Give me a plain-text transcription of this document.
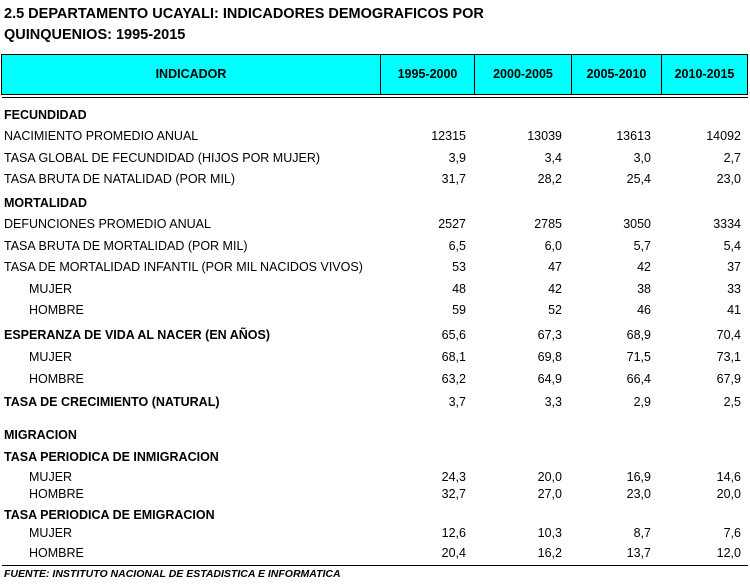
2.5 DEPARTAMENTO UCAYALI: INDICADORES DEMOGRAFICOS POR
QUINQUENIOS: 1995-2015
INDICADOR	1995-2000	2000-2005	2005-2010	2010-2015
FECUNDIDAD
NACIMIENTO PROMEDIO ANUAL	12315	13039	13613	14092
TASA GLOBAL DE FECUNDIDAD (HIJOS POR MUJER)	3,9	3,4	3,0	2,7
TASA BRUTA DE NATALIDAD (POR MIL)	31,7	28,2	25,4	23,0
MORTALIDAD
DEFUNCIONES PROMEDIO ANUAL	2527	2785	3050	3334
TASA BRUTA DE MORTALIDAD (POR MIL)	6,5	6,0	5,7	5,4
TASA DE MORTALIDAD INFANTIL (POR MIL NACIDOS VIVOS)	53	47	42	37
MUJER	48	42	38	33
HOMBRE	59	52	46	41
ESPERANZA DE VIDA AL NACER (EN AÑOS)	65,6	67,3	68,9	70,4
MUJER	68,1	69,8	71,5	73,1
HOMBRE	63,2	64,9	66,4	67,9
TASA DE CRECIMIENTO (NATURAL)	3,7	3,3	2,9	2,5
MIGRACION
TASA PERIODICA DE INMIGRACION
MUJER	24,3	20,0	16,9	14,6
HOMBRE	32,7	27,0	23,0	20,0
TASA PERIODICA DE EMIGRACION
MUJER	12,6	10,3	8,7	7,6
HOMBRE	20,4	16,2	13,7	12,0
FUENTE: INSTITUTO NACIONAL DE ESTADISTICA E INFORMATICA
